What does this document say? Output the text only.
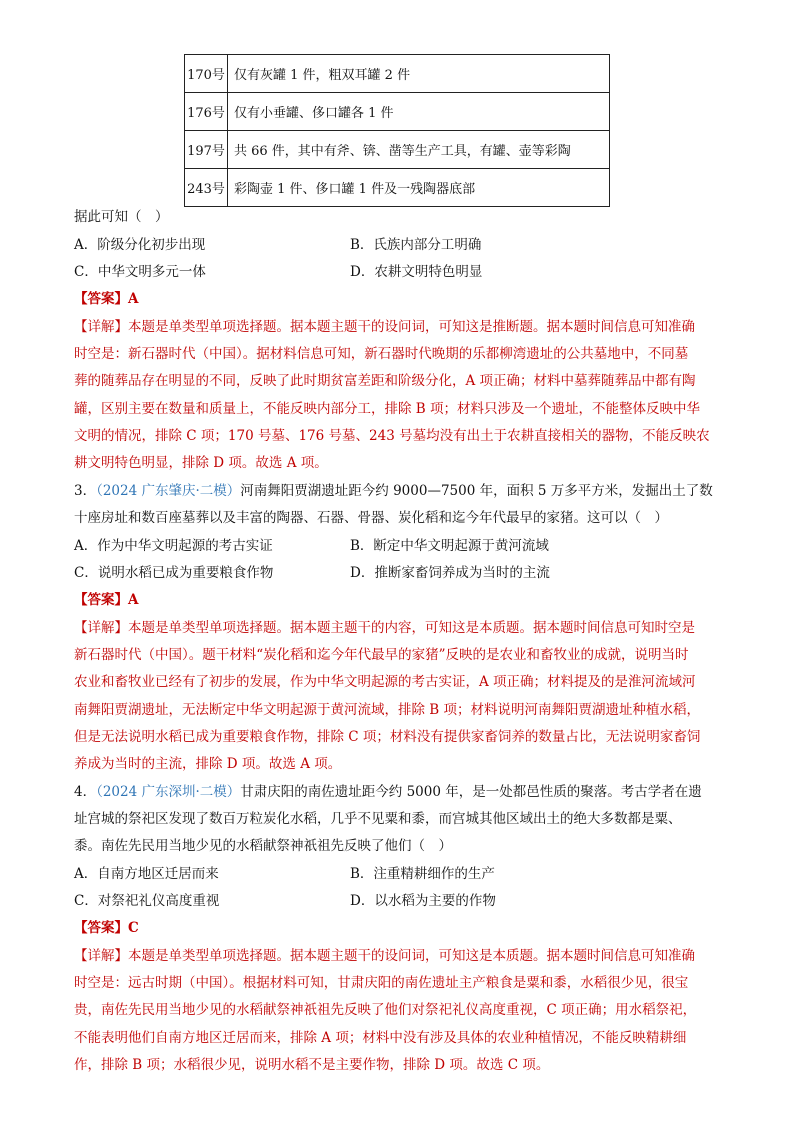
170号	仅有灰罐 1 件，粗双耳罐 2 件
176号	仅有小垂罐、侈口罐各 1 件
197号	共 66 件，其中有斧、锛、凿等生产工具，有罐、壶等彩陶
243号	彩陶壶 1 件、侈口罐 1 件及一残陶器底部
据此可知（　）
A．阶级分化初步出现	B．氏族内部分工明确
C．中华文明多元一体	D．农耕文明特色明显
【答案】A
【详解】本题是单类型单项选择题。据本题主题干的设问词，可知这是推断题。据本题时间信息可知准确
时空是：新石器时代（中国）。据材料信息可知，新石器时代晚期的乐都柳湾遗址的公共墓地中，不同墓
葬的随葬品存在明显的不同，反映了此时期贫富差距和阶级分化，A 项正确；材料中墓葬随葬品中都有陶
罐，区别主要在数量和质量上，不能反映内部分工，排除 B 项；材料只涉及一个遗址，不能整体反映中华
文明的情况，排除 C 项；170 号墓、176 号墓、243 号墓均没有出土于农耕直接相关的器物，不能反映农
耕文明特色明显，排除 D 项。故选 A 项。
3．（2024 广东肇庆·二模）河南舞阳贾湖遗址距今约 9000—7500 年，面积 5 万多平方米，发掘出土了数
十座房址和数百座墓葬以及丰富的陶器、石器、骨器、炭化稻和迄今年代最早的家猪。这可以（　）
A．作为中华文明起源的考古实证	B．断定中华文明起源于黄河流域
C．说明水稻已成为重要粮食作物	D．推断家畜饲养成为当时的主流
【答案】A
【详解】本题是单类型单项选择题。据本题主题干的内容，可知这是本质题。据本题时间信息可知时空是
新石器时代（中国）。题干材料“炭化稻和迄今年代最早的家猪”反映的是农业和畜牧业的成就，说明当时
农业和畜牧业已经有了初步的发展，作为中华文明起源的考古实证，A 项正确；材料提及的是淮河流域河
南舞阳贾湖遗址，无法断定中华文明起源于黄河流域，排除 B 项；材料说明河南舞阳贾湖遗址种植水稻，
但是无法说明水稻已成为重要粮食作物，排除 C 项；材料没有提供家畜饲养的数量占比，无法说明家畜饲
养成为当时的主流，排除 D 项。故选 A 项。
4．（2024 广东深圳·二模）甘肃庆阳的南佐遗址距今约 5000 年，是一处都邑性质的聚落。考古学者在遗
址宫城的祭祀区发现了数百万粒炭化水稻，几乎不见粟和黍，而宫城其他区域出土的绝大多数都是粟、
黍。南佐先民用当地少见的水稻献祭神祇祖先反映了他们（　）
A．自南方地区迁居而来	B．注重精耕细作的生产
C．对祭祀礼仪高度重视	D．以水稻为主要的作物
【答案】C
【详解】本题是单类型单项选择题。据本题主题干的设问词，可知这是本质题。据本题时间信息可知准确
时空是：远古时期（中国）。根据材料可知，甘肃庆阳的南佐遗址主产粮食是粟和黍，水稻很少见，很宝
贵，南佐先民用当地少见的水稻献祭神祇祖先反映了他们对祭祀礼仪高度重视，C 项正确；用水稻祭祀，
不能表明他们自南方地区迁居而来，排除 A 项；材料中没有涉及具体的农业种植情况，不能反映精耕细
作，排除 B 项；水稻很少见，说明水稻不是主要作物，排除 D 项。故选 C 项。
